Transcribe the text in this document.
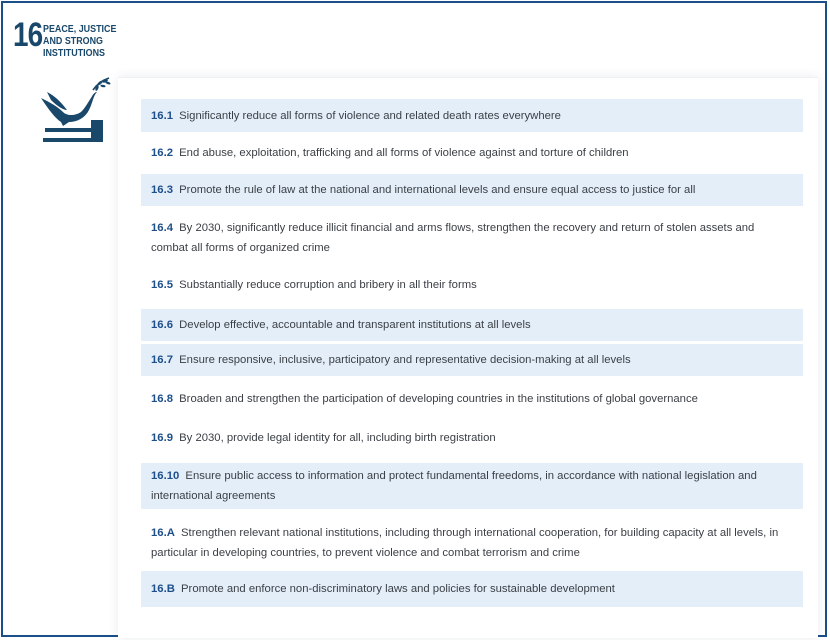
16 PEACE, JUSTICE
AND STRONG
INSTITUTIONS
16.1 Significantly reduce all forms of violence and related death rates everywhere
16.2 End abuse, exploitation, trafficking and all forms of violence against and torture of children
16.3 Promote the rule of law at the national and international levels and ensure equal access to justice for all
16.4 By 2030, significantly reduce illicit financial and arms flows, strengthen the recovery and return of stolen assets and combat all forms of organized crime
16.5 Substantially reduce corruption and bribery in all their forms
16.6 Develop effective, accountable and transparent institutions at all levels
16.7 Ensure responsive, inclusive, participatory and representative decision-making at all levels
16.8 Broaden and strengthen the participation of developing countries in the institutions of global governance
16.9 By 2030, provide legal identity for all, including birth registration
16.10 Ensure public access to information and protect fundamental freedoms, in accordance with national legislation and international agreements
16.A Strengthen relevant national institutions, including through international cooperation, for building capacity at all levels, in particular in developing countries, to prevent violence and combat terrorism and crime
16.B Promote and enforce non-discriminatory laws and policies for sustainable development
